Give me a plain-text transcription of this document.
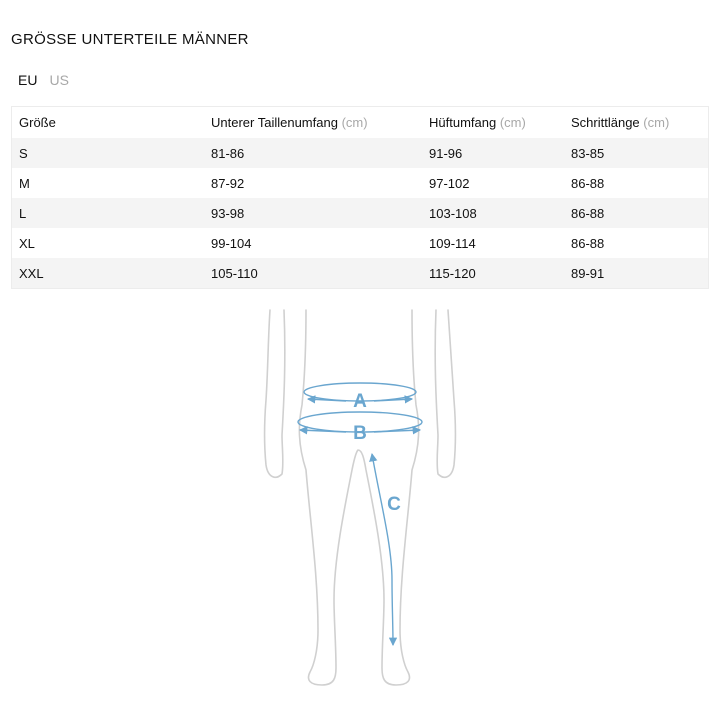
GRÖSSE UNTERTEILE MÄNNER
EU US
Größe	Unterer Taillenumfang (cm)	Hüftumfang (cm)	Schrittlänge (cm)
S	81-86	91-96	83-85
M	87-92	97-102	86-88
L	93-98	103-108	86-88
XL	99-104	109-114	86-88
XXL	105-110	115-120	89-91
A
B
C
